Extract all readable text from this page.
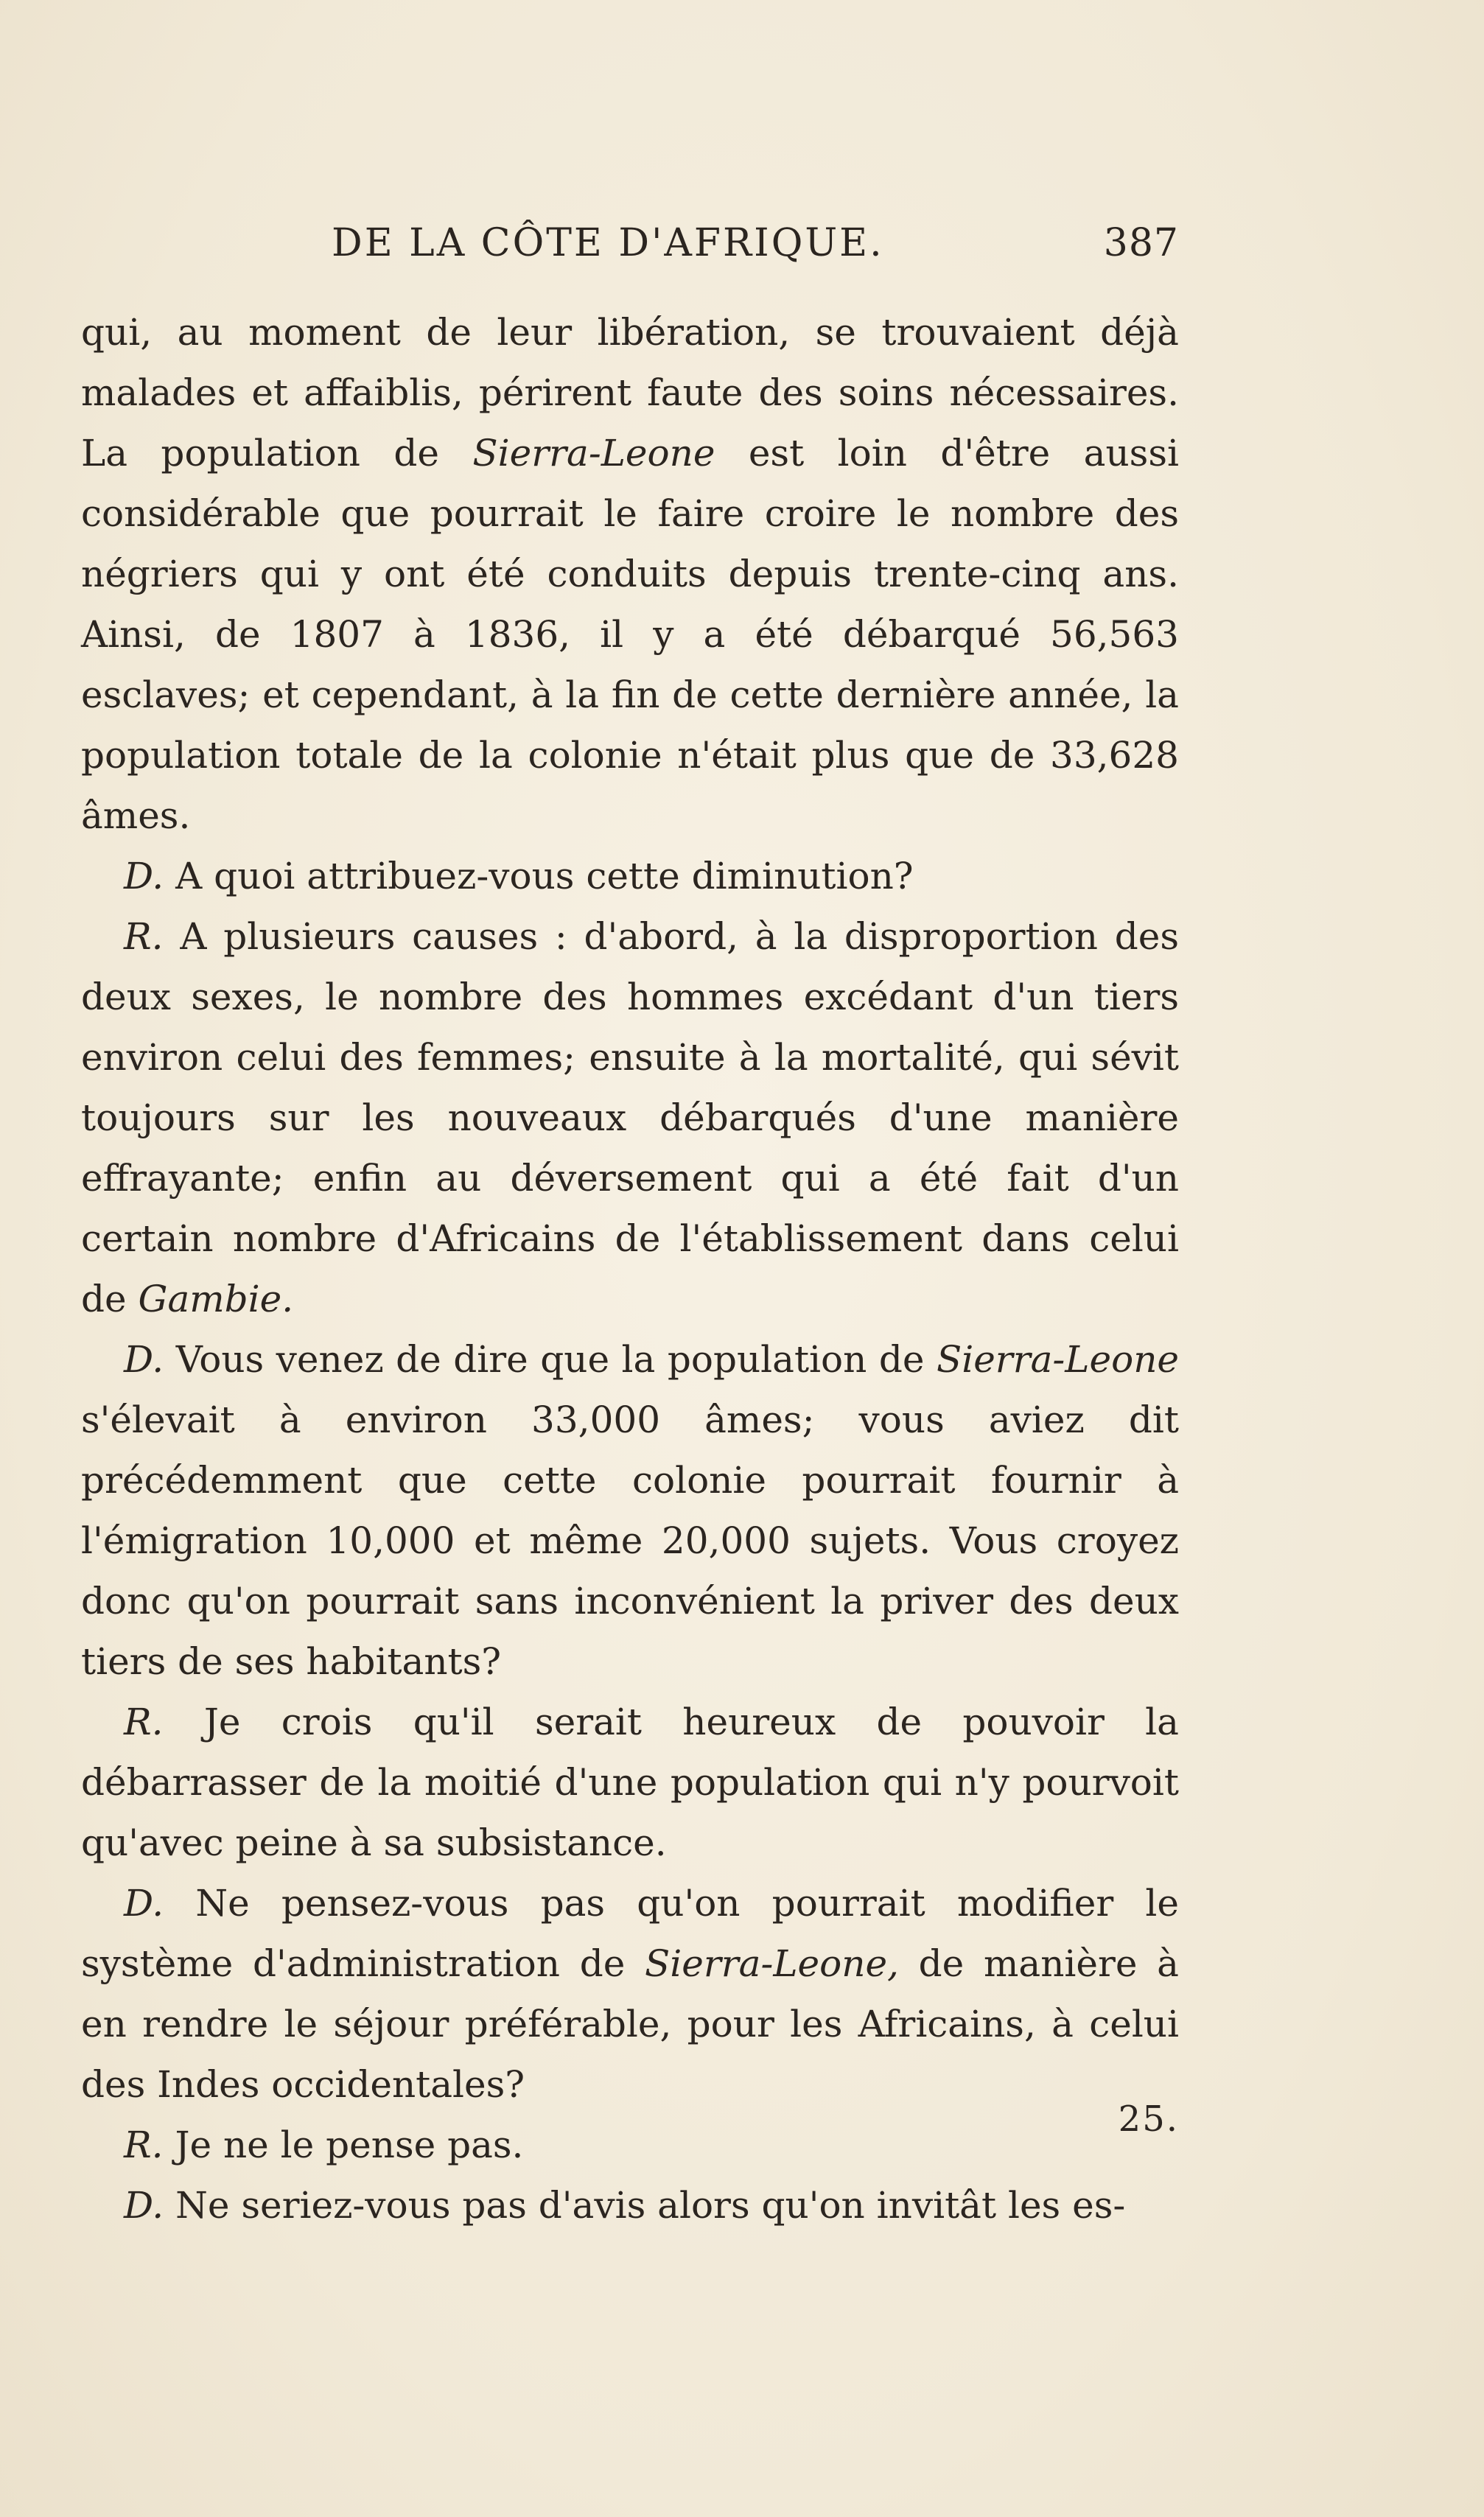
DE LA CÔTE D'AFRIQUE.	387

qui, au moment de leur libération, se trouvaient déjà malades et affaiblis, périrent faute des soins nécessaires. La population de Sierra-Leone est loin d'être aussi considérable que pourrait le faire croire le nombre des négriers qui y ont été conduits depuis trente-cinq ans. Ainsi, de 1807 à 1836, il y a été débarqué 56,563 esclaves; et cependant, à la fin de cette dernière année, la population totale de la colonie n'était plus que de 33,628 âmes.

D. A quoi attribuez-vous cette diminution?

R. A plusieurs causes : d'abord, à la disproportion des deux sexes, le nombre des hommes excédant d'un tiers environ celui des femmes; ensuite à la mortalité, qui sévit toujours sur les nouveaux débarqués d'une manière effrayante; enfin au déversement qui a été fait d'un certain nombre d'Africains de l'établissement dans celui de Gambie.

D. Vous venez de dire que la population de Sierra-Leone s'élevait à environ 33,000 âmes; vous aviez dit précédemment que cette colonie pourrait fournir à l'émigration 10,000 et même 20,000 sujets. Vous croyez donc qu'on pourrait sans inconvénient la priver des deux tiers de ses habitants?

R. Je crois qu'il serait heureux de pouvoir la débarrasser de la moitié d'une population qui n'y pourvoit qu'avec peine à sa subsistance.

D. Ne pensez-vous pas qu'on pourrait modifier le système d'administration de Sierra-Leone, de manière à en rendre le séjour préférable, pour les Africains, à celui des Indes occidentales?

R. Je ne le pense pas.

D. Ne seriez-vous pas d'avis alors qu'on invitât les es-

25.
